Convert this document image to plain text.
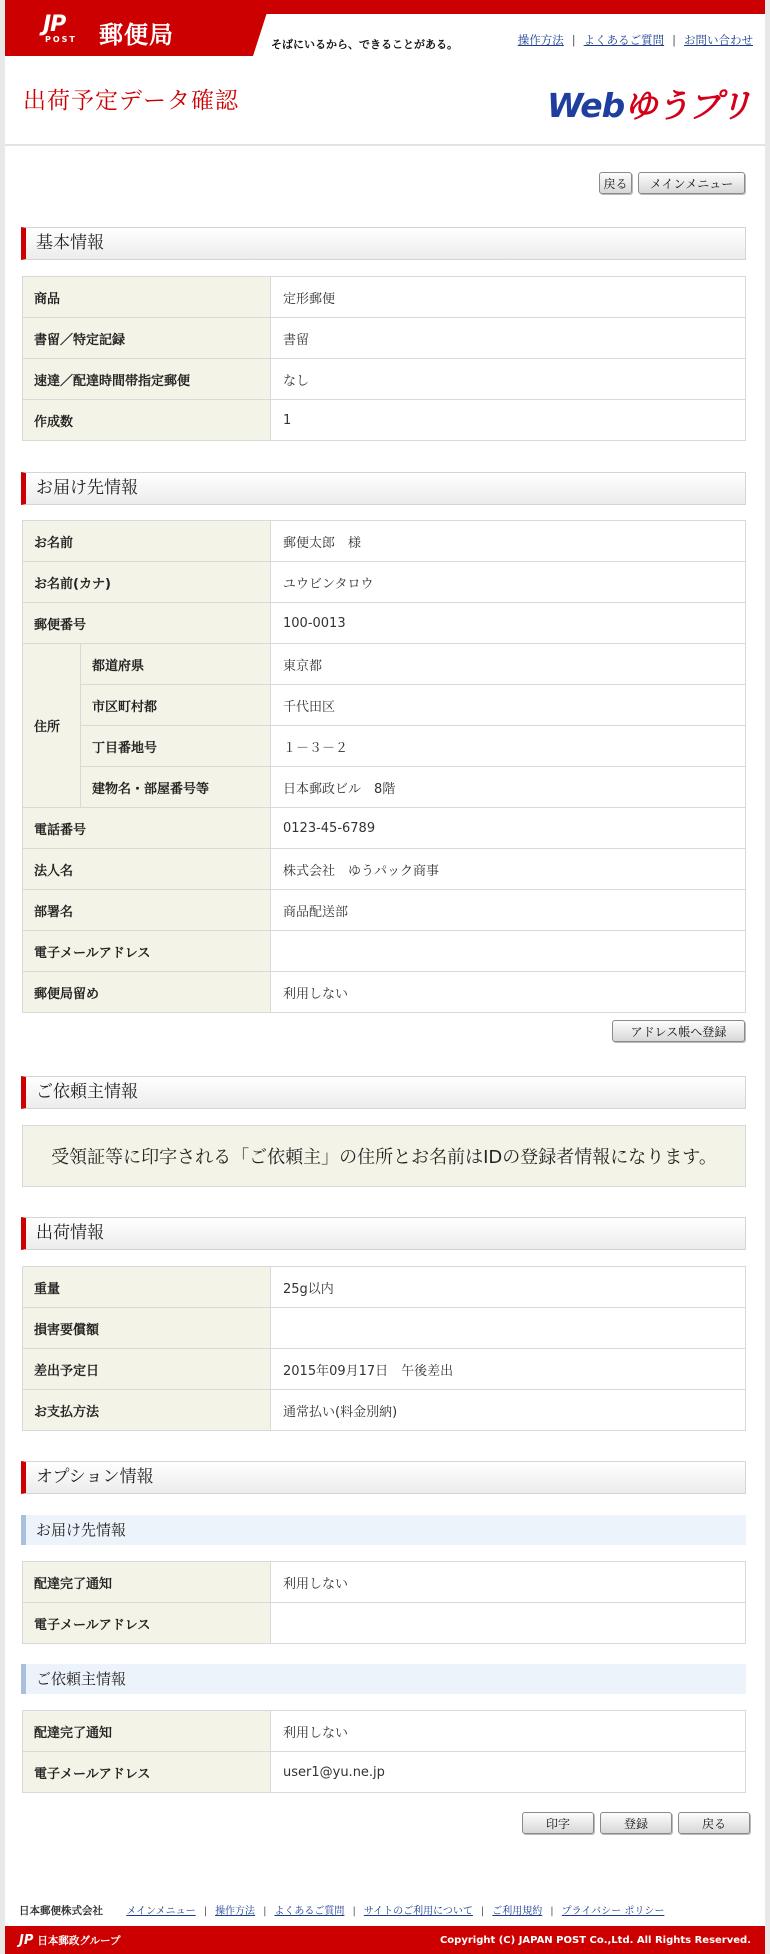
JP
POST 郵便局	そばにいるから、できることがある。	操作方法 | よくあるご質問 | お問い合わせ
出荷予定データ確認	Webゆうプリ
戻る	メインメニュー
基本情報
商品	定形郵便
書留／特定記録	書留
速達／配達時間帯指定郵便	なし
作成数	1
お届け先情報
お名前		郵便太郎　様
お名前(カナ)		ユウビンタロウ
郵便番号		100-0013
住所	都道府県	東京都
	市区町村都	千代田区
	丁目番地号	１－３－２
	建物名・部屋番号等	日本郵政ビル　8階
電話番号		0123-45-6789
法人名		株式会社　ゆうパック商事
部署名		商品配送部
電子メールアドレス		
郵便局留め		利用しない
アドレス帳へ登録
ご依頼主情報
受領証等に印字される「ご依頼主」の住所とお名前はIDの登録者情報になります。
出荷情報
重量	25g以内
損害要償額	
差出予定日	2015年09月17日　午後差出
お支払方法	通常払い(料金別納)
オプション情報
お届け先情報
配達完了通知	利用しない
電子メールアドレス	
ご依頼主情報
配達完了通知	利用しない
電子メールアドレス	user1@yu.ne.jp
印字	登録	戻る
日本郵便株式会社 メインメニュー | 操作方法 | よくあるご質問 | サイトのご利用について | ご利用規約 | プライバシー ポリシー
JP 日本郵政グループ	Copyright (C) JAPAN POST Co.,Ltd. All Rights Reserved.
